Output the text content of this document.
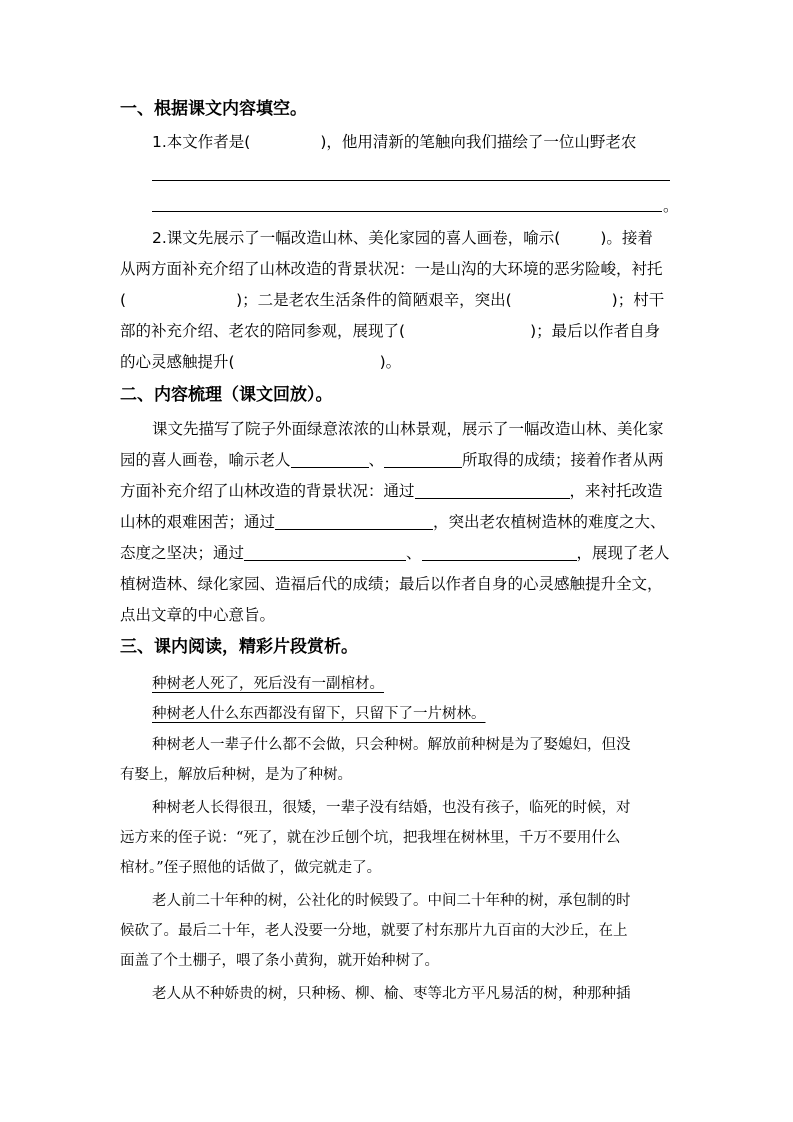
一、根据课文内容填空。
1.本文作者是(	)，他用清新的笔触向我们描绘了一位山野老农
。
2.课文先展示了一幅改造山林、美化家园的喜人画卷，喻示(	)。接着
从两方面补充介绍了山林改造的背景状况：一是山沟的大环境的恶劣险峻，衬托
(	)；二是老农生活条件的简陋艰辛，突出(	)；村干
部的补充介绍、老农的陪同参观，展现了(	)；最后以作者自身
的心灵感触提升(	)。
二、内容梳理（课文回放）。
课文先描写了院子外面绿意浓浓的山林景观，展示了一幅改造山林、美化家
园的喜人画卷，喻示老人	、	所取得的成绩；接着作者从两
方面补充介绍了山林改造的背景状况：通过	，来衬托改造
山林的艰难困苦；通过	，突出老农植树造林的难度之大、
态度之坚决；通过	、	，展现了老人
植树造林、绿化家园、造福后代的成绩；最后以作者自身的心灵感触提升全文，
点出文章的中心意旨。
三、课内阅读，精彩片段赏析。
种树老人死了，死后没有一副棺材。
种树老人什么东西都没有留下，只留下了一片树林。
种树老人一辈子什么都不会做，只会种树。解放前种树是为了娶媳妇，但没
有娶上，解放后种树，是为了种树。
种树老人长得很丑，很矮，一辈子没有结婚，也没有孩子，临死的时候，对
远方来的侄子说：“死了，就在沙丘刨个坑，把我埋在树林里，千万不要用什么
棺材。”侄子照他的话做了，做完就走了。
老人前二十年种的树，公社化的时候毁了。中间二十年种的树，承包制的时
候砍了。最后二十年，老人没要一分地，就要了村东那片九百亩的大沙丘，在上
面盖了个土棚子，喂了条小黄狗，就开始种树了。
老人从不种娇贵的树，只种杨、柳、榆、枣等北方平凡易活的树，种那种插
